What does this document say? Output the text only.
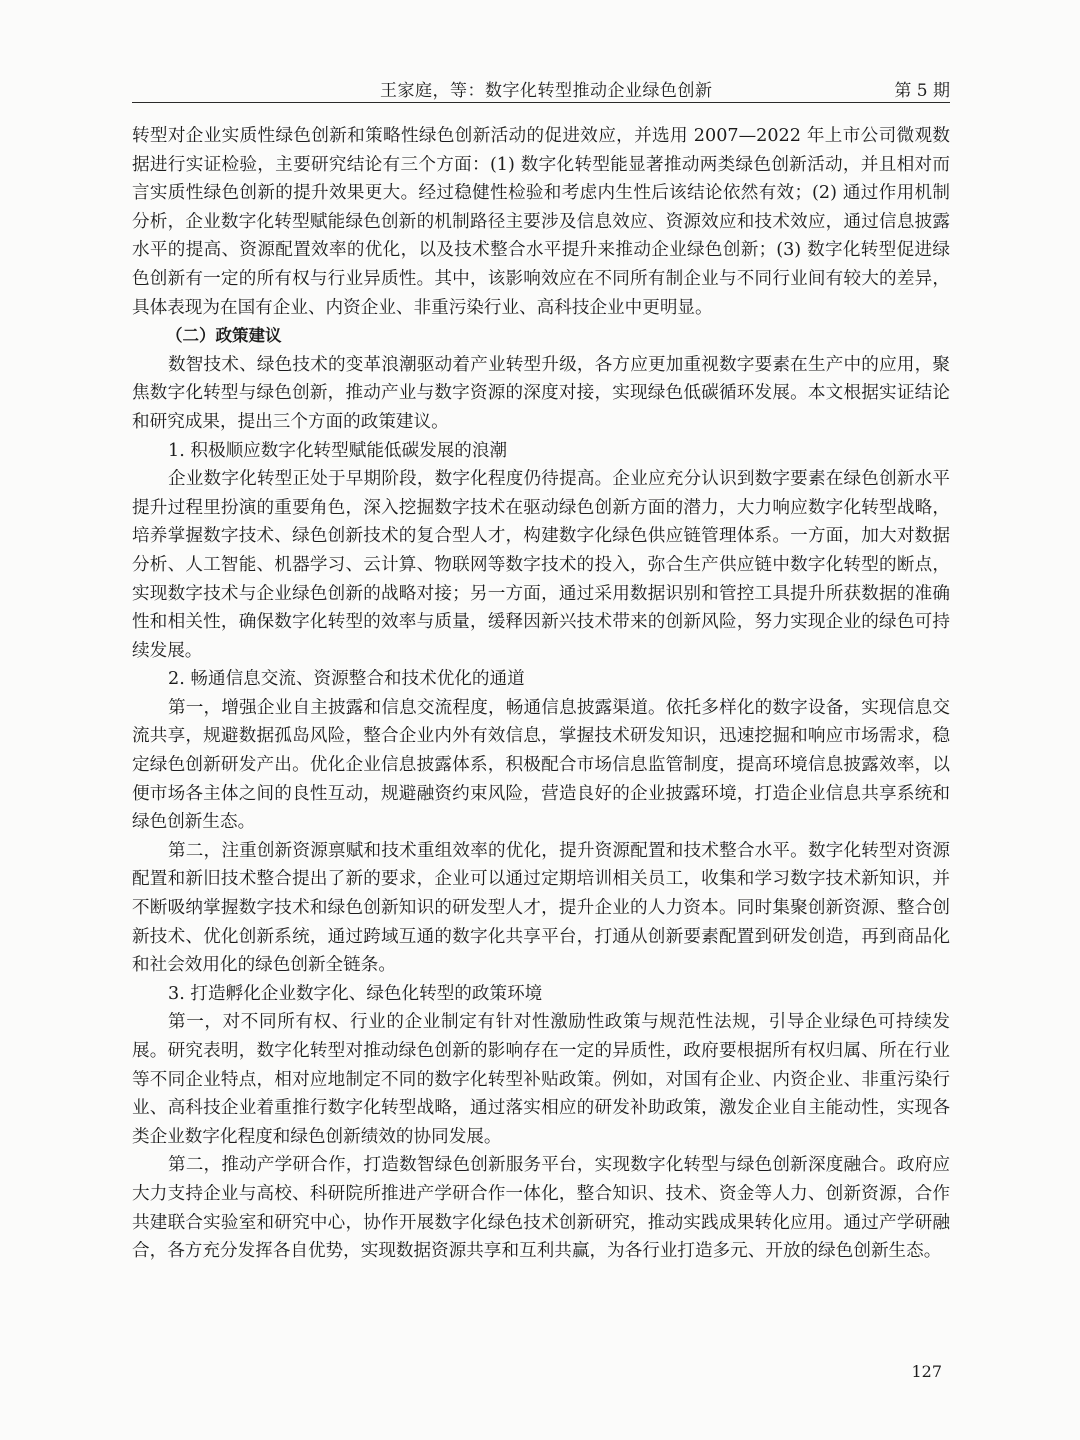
王家庭，等：数字化转型推动企业绿色创新	第 5 期

转型对企业实质性绿色创新和策略性绿色创新活动的促进效应，并选用 2007—2022 年上市公司微观数据进行实证检验，主要研究结论有三个方面：(1) 数字化转型能显著推动两类绿色创新活动，并且相对而言实质性绿色创新的提升效果更大。经过稳健性检验和考虑内生性后该结论依然有效；(2) 通过作用机制分析，企业数字化转型赋能绿色创新的机制路径主要涉及信息效应、资源效应和技术效应，通过信息披露水平的提高、资源配置效率的优化，以及技术整合水平提升来推动企业绿色创新；(3) 数字化转型促进绿色创新有一定的所有权与行业异质性。其中，该影响效应在不同所有制企业与不同行业间有较大的差异，具体表现为在国有企业、内资企业、非重污染行业、高科技企业中更明显。

（二）政策建议

数智技术、绿色技术的变革浪潮驱动着产业转型升级，各方应更加重视数字要素在生产中的应用，聚焦数字化转型与绿色创新，推动产业与数字资源的深度对接，实现绿色低碳循环发展。本文根据实证结论和研究成果，提出三个方面的政策建议。

1. 积极顺应数字化转型赋能低碳发展的浪潮

企业数字化转型正处于早期阶段，数字化程度仍待提高。企业应充分认识到数字要素在绿色创新水平提升过程里扮演的重要角色，深入挖掘数字技术在驱动绿色创新方面的潜力，大力响应数字化转型战略，培养掌握数字技术、绿色创新技术的复合型人才，构建数字化绿色供应链管理体系。一方面，加大对数据分析、人工智能、机器学习、云计算、物联网等数字技术的投入，弥合生产供应链中数字化转型的断点，实现数字技术与企业绿色创新的战略对接；另一方面，通过采用数据识别和管控工具提升所获数据的准确性和相关性，确保数字化转型的效率与质量，缓释因新兴技术带来的创新风险，努力实现企业的绿色可持续发展。

2. 畅通信息交流、资源整合和技术优化的通道

第一，增强企业自主披露和信息交流程度，畅通信息披露渠道。依托多样化的数字设备，实现信息交流共享，规避数据孤岛风险，整合企业内外有效信息，掌握技术研发知识，迅速挖掘和响应市场需求，稳定绿色创新研发产出。优化企业信息披露体系，积极配合市场信息监管制度，提高环境信息披露效率，以便市场各主体之间的良性互动，规避融资约束风险，营造良好的企业披露环境，打造企业信息共享系统和绿色创新生态。

第二，注重创新资源禀赋和技术重组效率的优化，提升资源配置和技术整合水平。数字化转型对资源配置和新旧技术整合提出了新的要求，企业可以通过定期培训相关员工，收集和学习数字技术新知识，并不断吸纳掌握数字技术和绿色创新知识的研发型人才，提升企业的人力资本。同时集聚创新资源、整合创新技术、优化创新系统，通过跨域互通的数字化共享平台，打通从创新要素配置到研发创造，再到商品化和社会效用化的绿色创新全链条。

3. 打造孵化企业数字化、绿色化转型的政策环境

第一，对不同所有权、行业的企业制定有针对性激励性政策与规范性法规，引导企业绿色可持续发展。研究表明，数字化转型对推动绿色创新的影响存在一定的异质性，政府要根据所有权归属、所在行业等不同企业特点，相对应地制定不同的数字化转型补贴政策。例如，对国有企业、内资企业、非重污染行业、高科技企业着重推行数字化转型战略，通过落实相应的研发补助政策，激发企业自主能动性，实现各类企业数字化程度和绿色创新绩效的协同发展。

第二，推动产学研合作，打造数智绿色创新服务平台，实现数字化转型与绿色创新深度融合。政府应大力支持企业与高校、科研院所推进产学研合作一体化，整合知识、技术、资金等人力、创新资源，合作共建联合实验室和研究中心，协作开展数字化绿色技术创新研究，推动实践成果转化应用。通过产学研融合，各方充分发挥各自优势，实现数据资源共享和互利共赢，为各行业打造多元、开放的绿色创新生态。

127
